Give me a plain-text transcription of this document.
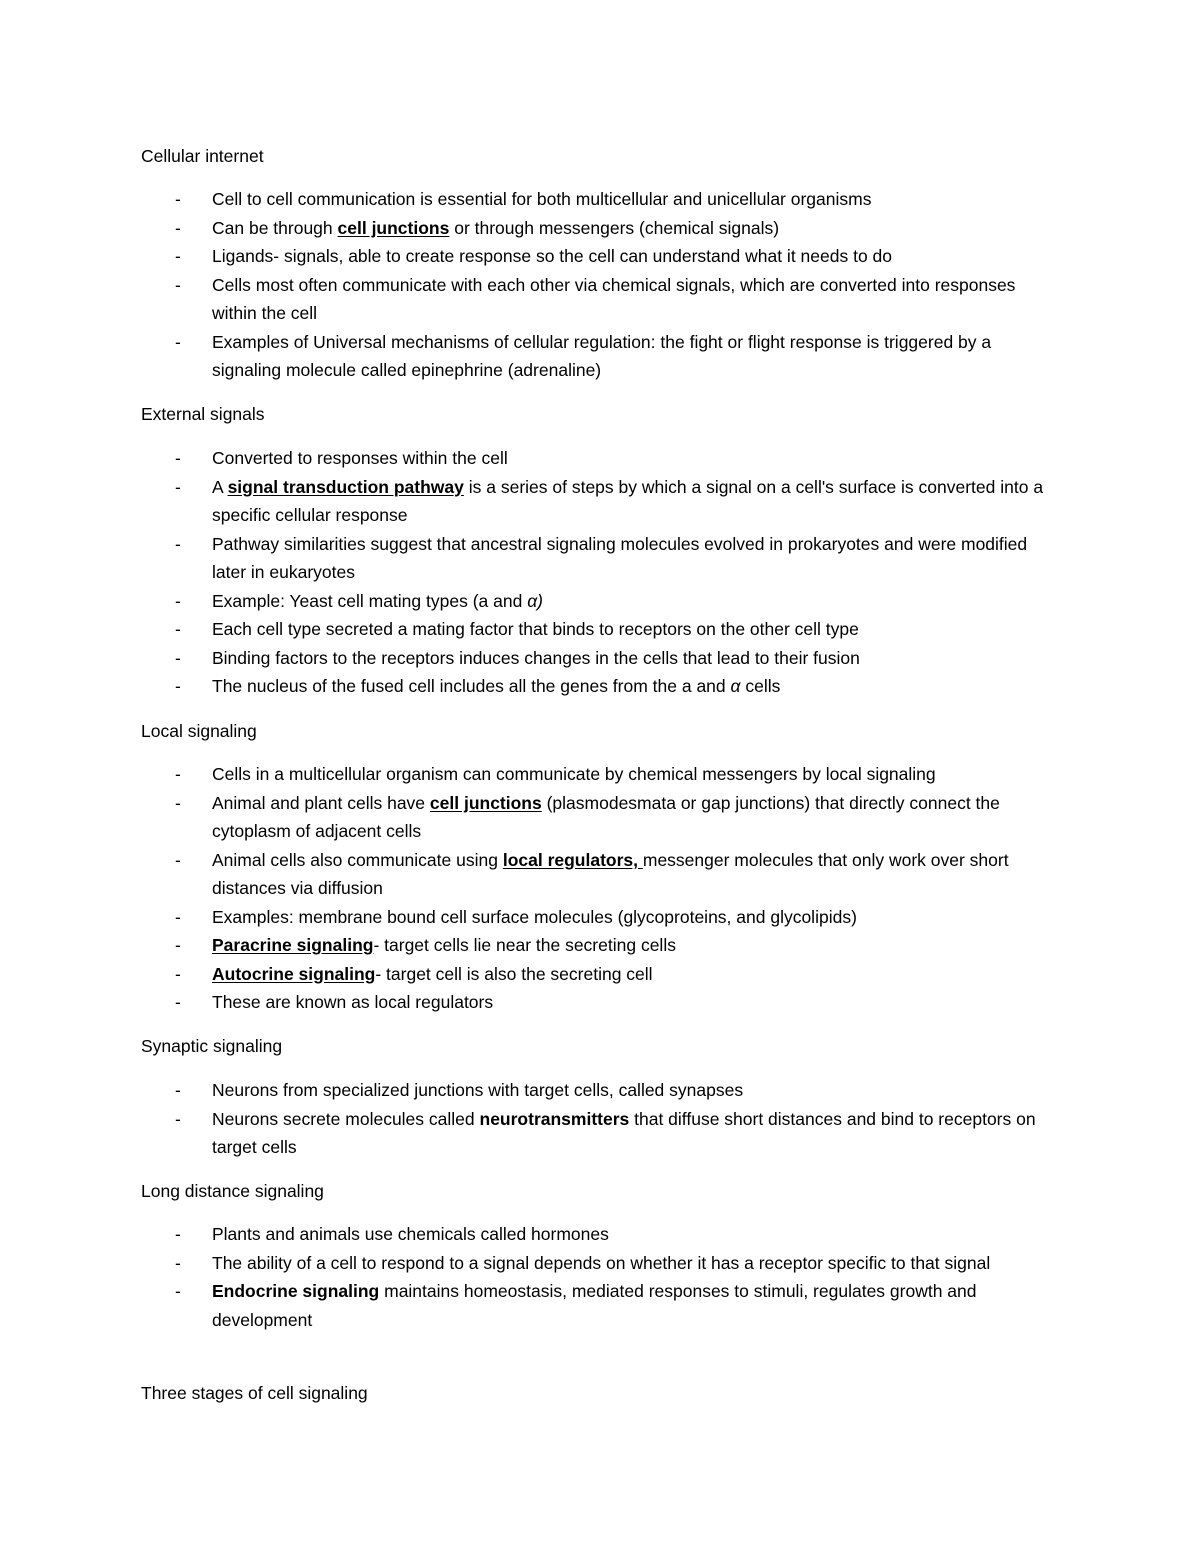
Cellular internet
- Cell to cell communication is essential for both multicellular and unicellular organisms
- Can be through cell junctions or through messengers (chemical signals)
- Ligands- signals, able to create response so the cell can understand what it needs to do
- Cells most often communicate with each other via chemical signals, which are converted into responses within the cell
- Examples of Universal mechanisms of cellular regulation: the fight or flight response is triggered by a signaling molecule called epinephrine (adrenaline)
External signals
- Converted to responses within the cell
- A signal transduction pathway is a series of steps by which a signal on a cell's surface is converted into a specific cellular response
- Pathway similarities suggest that ancestral signaling molecules evolved in prokaryotes and were modified later in eukaryotes
- Example: Yeast cell mating types (a and α)
- Each cell type secreted a mating factor that binds to receptors on the other cell type
- Binding factors to the receptors induces changes in the cells that lead to their fusion
- The nucleus of the fused cell includes all the genes from the a and α cells
Local signaling
- Cells in a multicellular organism can communicate by chemical messengers by local signaling
- Animal and plant cells have cell junctions (plasmodesmata or gap junctions) that directly connect the cytoplasm of adjacent cells
- Animal cells also communicate using local regulators, messenger molecules that only work over short distances via diffusion
- Examples: membrane bound cell surface molecules (glycoproteins, and glycolipids)
- Paracrine signaling- target cells lie near the secreting cells
- Autocrine signaling- target cell is also the secreting cell
- These are known as local regulators
Synaptic signaling
- Neurons from specialized junctions with target cells, called synapses
- Neurons secrete molecules called neurotransmitters that diffuse short distances and bind to receptors on target cells
Long distance signaling
- Plants and animals use chemicals called hormones
- The ability of a cell to respond to a signal depends on whether it has a receptor specific to that signal
- Endocrine signaling maintains homeostasis, mediated responses to stimuli, regulates growth and development
Three stages of cell signaling
